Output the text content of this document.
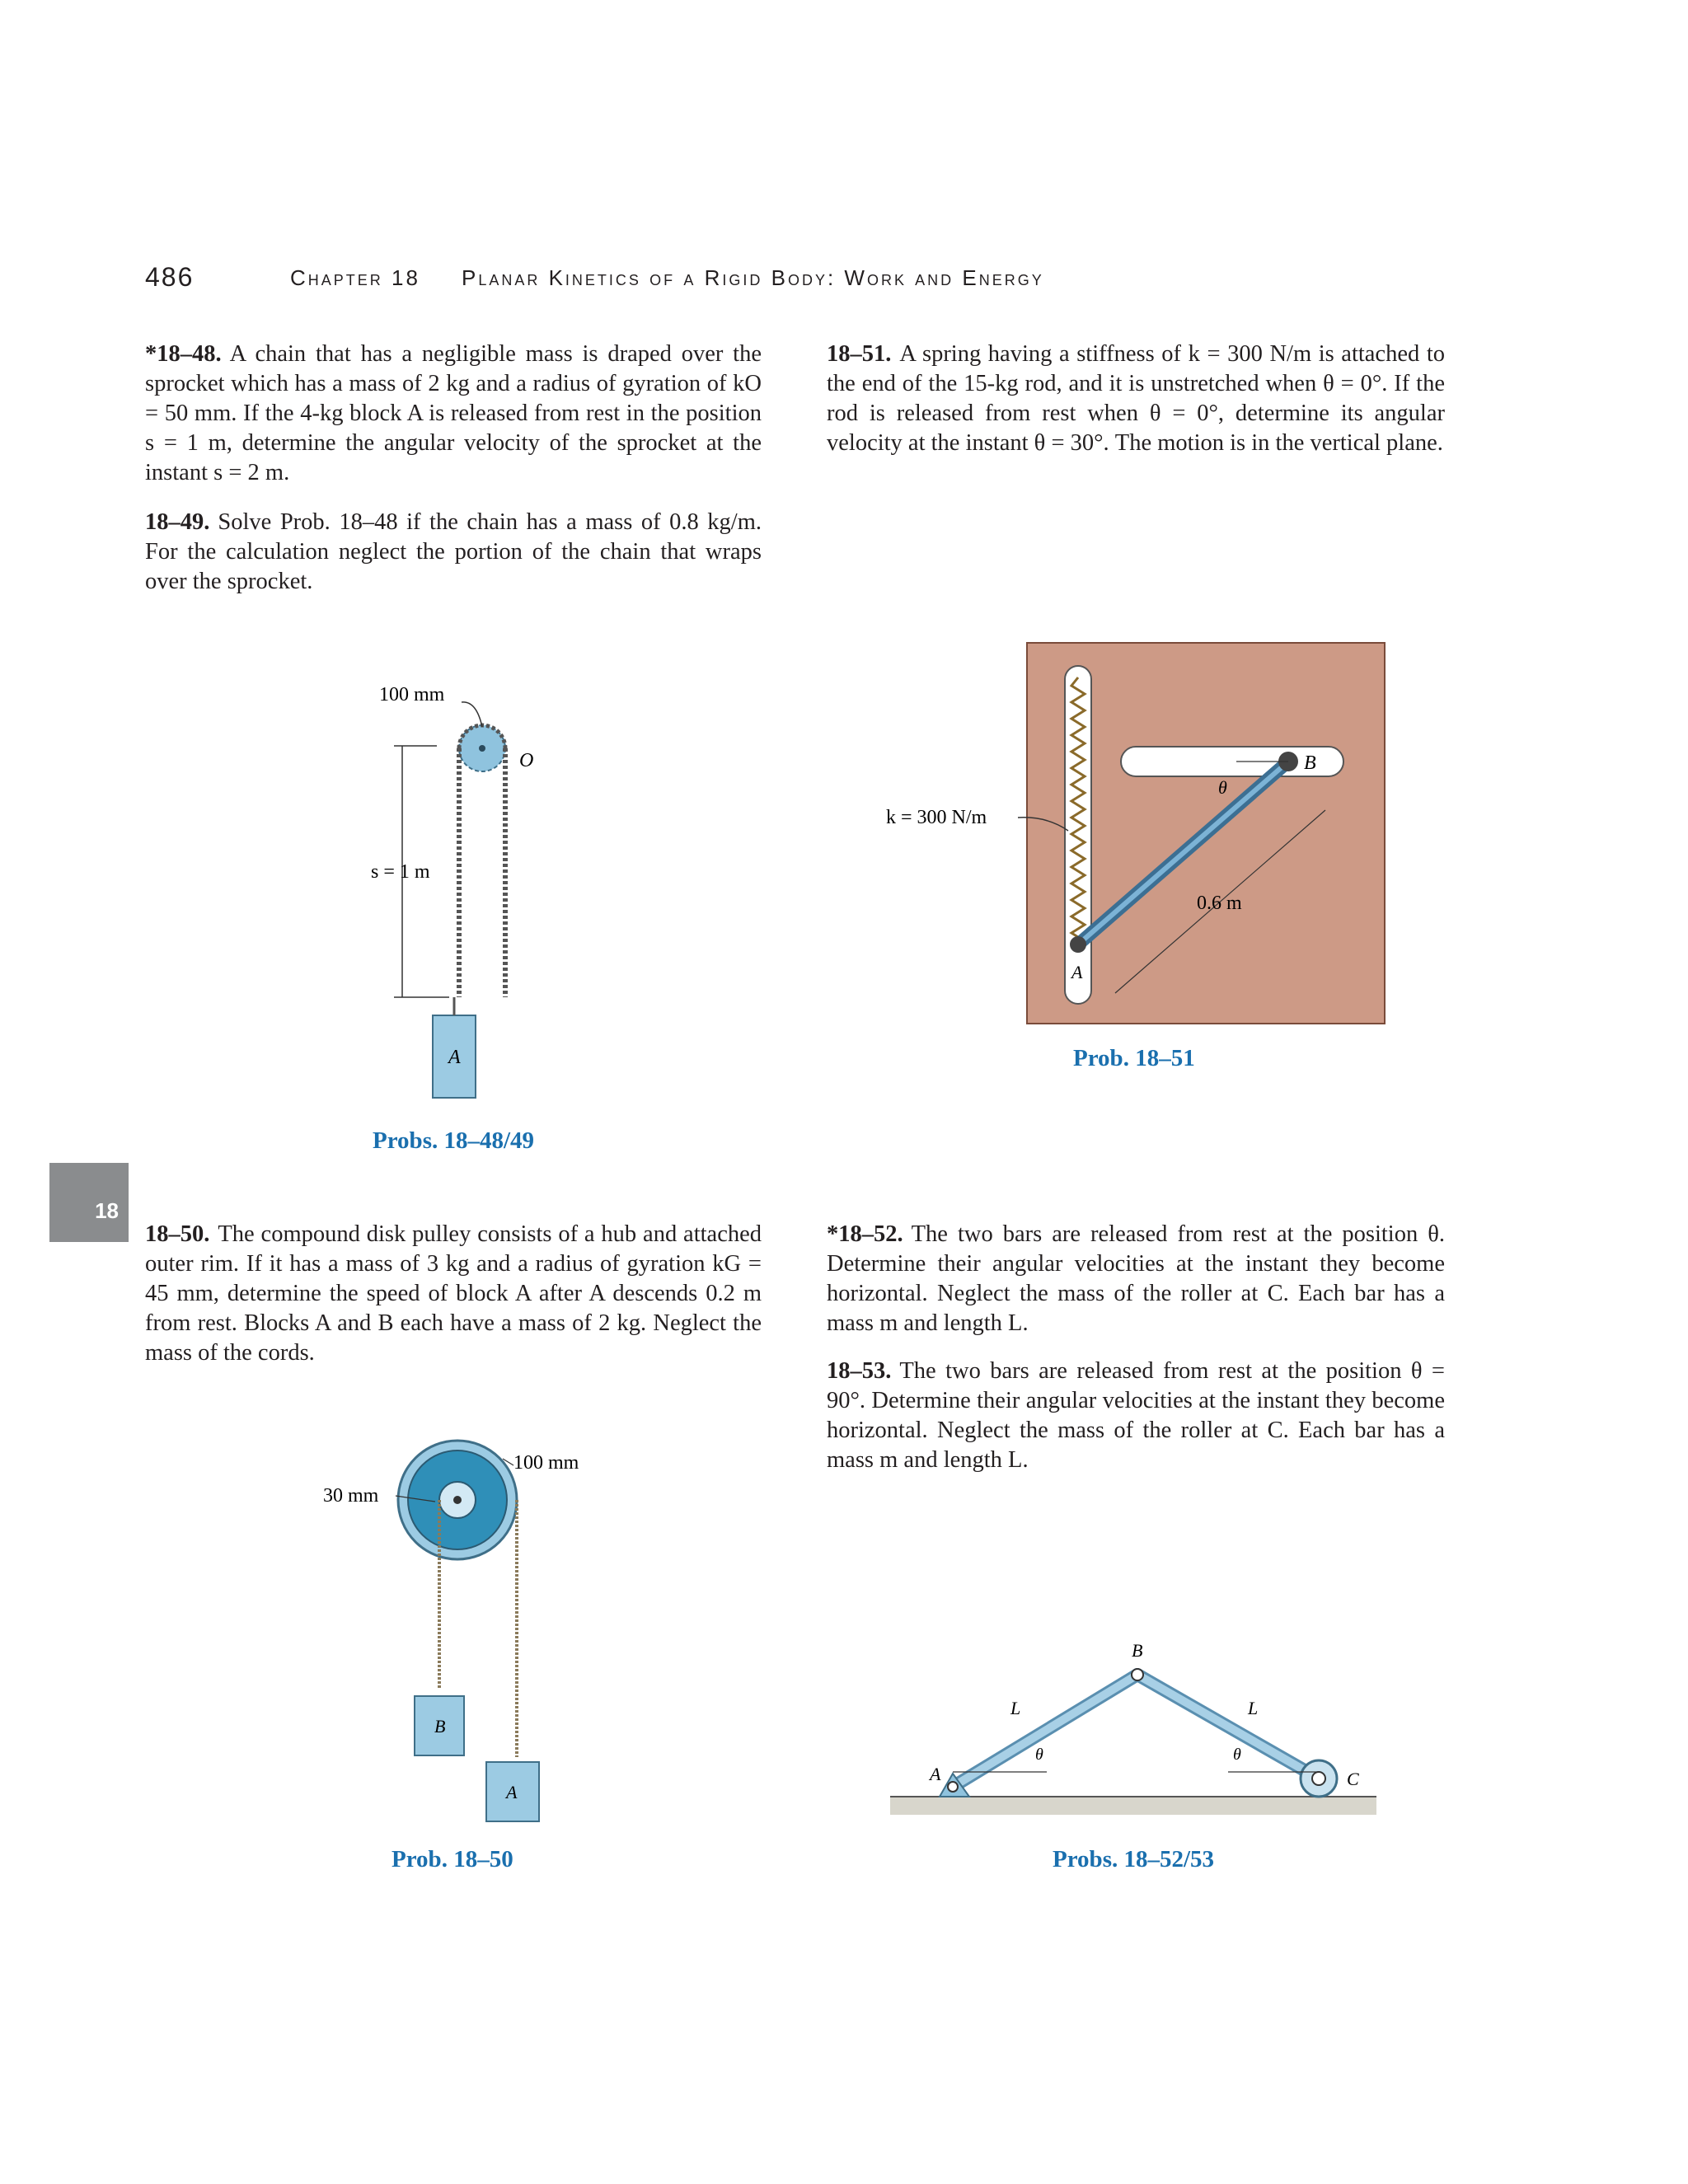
486	Chapter 18 Planar Kinetics of a Rigid Body: Work and Energy
18
*18–48. A chain that has a negligible mass is draped over the sprocket which has a mass of 2 kg and a radius of gyration of kO = 50 mm. If the 4-kg block A is released from rest in the position s = 1 m, determine the angular velocity of the sprocket at the instant s = 2 m.
18–49. Solve Prob. 18–48 if the chain has a mass of 0.8 kg/m. For the calculation neglect the portion of the chain that wraps over the sprocket.
18–51. A spring having a stiffness of k = 300 N/m is attached to the end of the 15-kg rod, and it is unstretched when θ = 0°. If the rod is released from rest when θ = 0°, determine its angular velocity at the instant θ = 30°. The motion is in the vertical plane.
18–50. The compound disk pulley consists of a hub and attached outer rim. If it has a mass of 3 kg and a radius of gyration kG = 45 mm, determine the speed of block A after A descends 0.2 m from rest. Blocks A and B each have a mass of 2 kg. Neglect the mass of the cords.
*18–52. The two bars are released from rest at the position θ. Determine their angular velocities at the instant they become horizontal. Neglect the mass of the roller at C. Each bar has a mass m and length L.
18–53. The two bars are released from rest at the position θ = 90°. Determine their angular velocities at the instant they become horizontal. Neglect the mass of the roller at C. Each bar has a mass m and length L.
100 mm
O
s = 1 m
A
Probs. 18–48/49
k = 300 N/m
θ
B
0.6 m
A
Prob. 18–51
100 mm
30 mm
B
A
Prob. 18–50
B
L	L
θ	θ
A	C
Probs. 18–52/53
